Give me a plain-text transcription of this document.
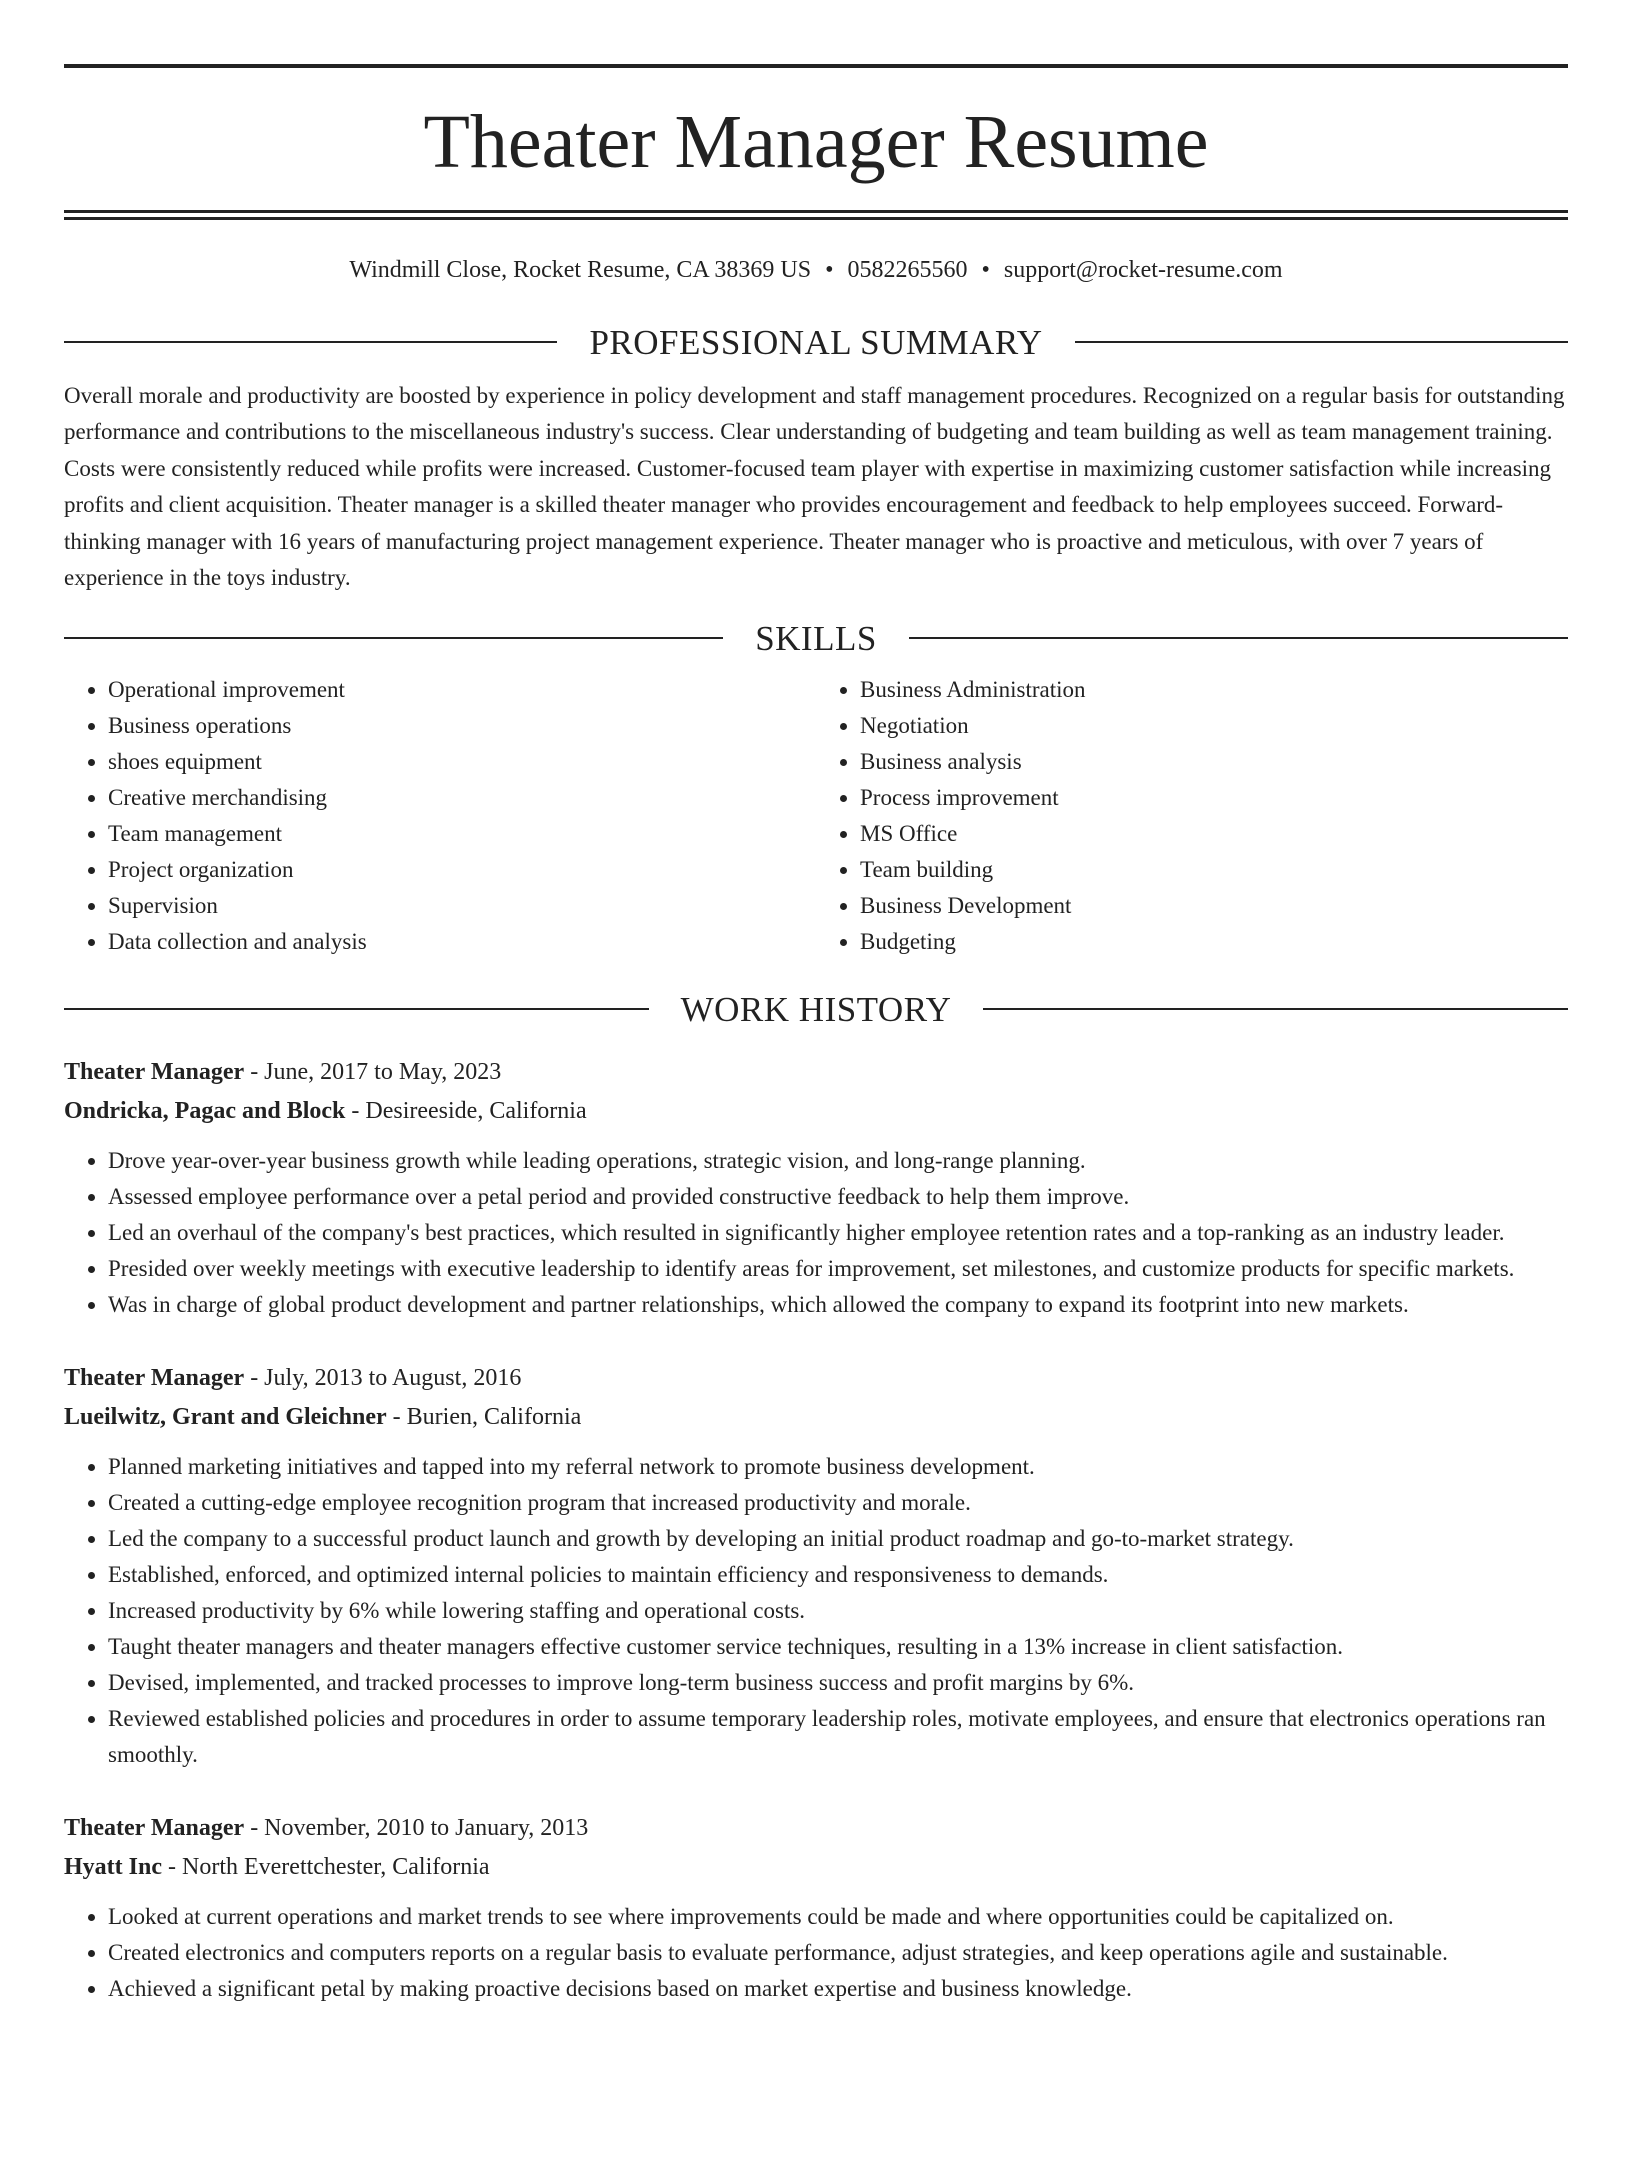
Theater Manager Resume
Windmill Close, Rocket Resume, CA 38369 US • 0582265560 • support@rocket-resume.com
PROFESSIONAL SUMMARY

Overall morale and productivity are boosted by experience in policy development and staff management procedures. Recognized on a regular basis for outstanding performance and contributions to the miscellaneous industry's success. Clear understanding of budgeting and team building as well as team management training. Costs were consistently reduced while profits were increased. Customer-focused team player with expertise in maximizing customer satisfaction while increasing profits and client acquisition. Theater manager is a skilled theater manager who provides encouragement and feedback to help employees succeed. Forward-thinking manager with 16 years of manufacturing project management experience. Theater manager who is proactive and meticulous, with over 7 years of experience in the toys industry.

SKILLS
• Operational improvement
• Business operations
• shoes equipment
• Creative merchandising
• Team management
• Project organization
• Supervision
• Data collection and analysis
• Business Administration
• Negotiation
• Business analysis
• Process improvement
• MS Office
• Team building
• Business Development
• Budgeting
WORK HISTORY
Theater Manager - June, 2017 to May, 2023
Ondricka, Pagac and Block - Desireeside, California
• Drove year-over-year business growth while leading operations, strategic vision, and long-range planning.
• Assessed employee performance over a petal period and provided constructive feedback to help them improve.
• Led an overhaul of the company's best practices, which resulted in significantly higher employee retention rates and a top-ranking as an industry leader.
• Presided over weekly meetings with executive leadership to identify areas for improvement, set milestones, and customize products for specific markets.
• Was in charge of global product development and partner relationships, which allowed the company to expand its footprint into new markets.
Theater Manager - July, 2013 to August, 2016
Lueilwitz, Grant and Gleichner - Burien, California
• Planned marketing initiatives and tapped into my referral network to promote business development.
• Created a cutting-edge employee recognition program that increased productivity and morale.
• Led the company to a successful product launch and growth by developing an initial product roadmap and go-to-market strategy.
• Established, enforced, and optimized internal policies to maintain efficiency and responsiveness to demands.
• Increased productivity by 6% while lowering staffing and operational costs.
• Taught theater managers and theater managers effective customer service techniques, resulting in a 13% increase in client satisfaction.
• Devised, implemented, and tracked processes to improve long-term business success and profit margins by 6%.
• Reviewed established policies and procedures in order to assume temporary leadership roles, motivate employees, and ensure that electronics operations ran smoothly.
Theater Manager - November, 2010 to January, 2013
Hyatt Inc - North Everettchester, California
• Looked at current operations and market trends to see where improvements could be made and where opportunities could be capitalized on.
• Created electronics and computers reports on a regular basis to evaluate performance, adjust strategies, and keep operations agile and sustainable.
• Achieved a significant petal by making proactive decisions based on market expertise and business knowledge.
